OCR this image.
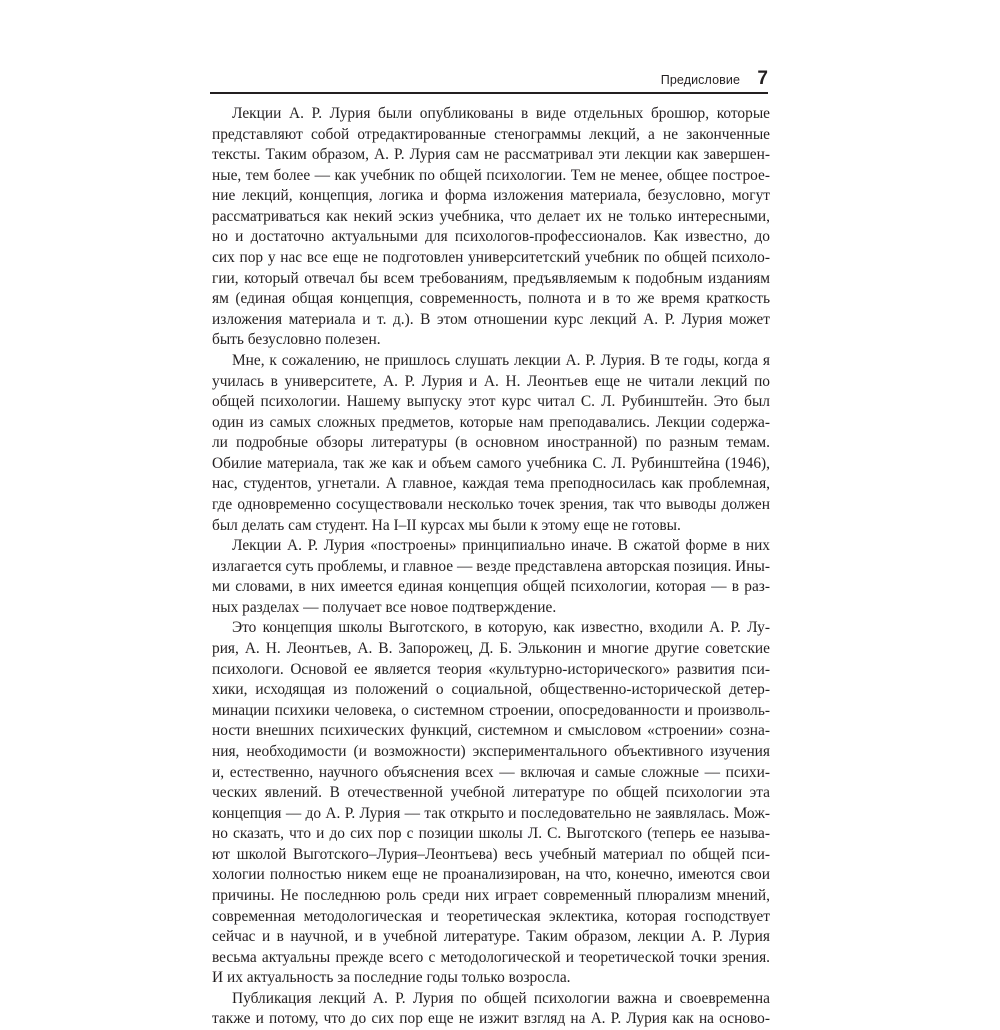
Предисловие 7
Лекции А. Р. Лурия были опубликованы в виде отдельных брошюр, которые
представляют собой отредактированные стенограммы лекций, а не законченные
тексты. Таким образом, А. Р. Лурия сам не рассматривал эти лекции как завершен-
ные, тем более — как учебник по общей психологии. Тем не менее, общее построе-
ние лекций, концепция, логика и форма изложения материала, безусловно, могут
рассматриваться как некий эскиз учебника, что делает их не только интересными,
но и достаточно актуальными для психологов-профессионалов. Как известно, до
сих пор у нас все еще не подготовлен университетский учебник по общей психоло-
гии, который отвечал бы всем требованиям, предъявляемым к подобным изданиям
ям (единая общая концепция, современность, полнота и в то же время краткость
изложения материала и т. д.). В этом отношении курс лекций А. Р. Лурия может
быть безусловно полезен.
Мне, к сожалению, не пришлось слушать лекции А. Р. Лурия. В те годы, когда я
училась в университете, А. Р. Лурия и А. Н. Леонтьев еще не читали лекций по
общей психологии. Нашему выпуску этот курс читал С. Л. Рубинштейн. Это был
один из самых сложных предметов, которые нам преподавались. Лекции содержа-
ли подробные обзоры литературы (в основном иностранной) по разным темам.
Обилие материала, так же как и объем самого учебника С. Л. Рубинштейна (1946),
нас, студентов, угнетали. А главное, каждая тема преподносилась как проблемная,
где одновременно сосуществовали несколько точек зрения, так что выводы должен
был делать сам студент. На I–II курсах мы были к этому еще не готовы.
Лекции А. Р. Лурия «построены» принципиально иначе. В сжатой форме в них
излагается суть проблемы, и главное — везде представлена авторская позиция. Ины-
ми словами, в них имеется единая концепция общей психологии, которая — в раз-
ных разделах — получает все новое подтверждение.
Это концепция школы Выготского, в которую, как известно, входили А. Р. Лу-
рия, А. Н. Леонтьев, А. В. Запорожец, Д. Б. Эльконин и многие другие советские
психологи. Основой ее является теория «культурно-исторического» развития пси-
хики, исходящая из положений о социальной, общественно-исторической детер-
минации психики человека, о системном строении, опосредованности и произволь-
ности внешних психических функций, системном и смысловом «строении» созна-
ния, необходимости (и возможности) экспериментального объективного изучения
и, естественно, научного объяснения всех — включая и самые сложные — психи-
ческих явлений. В отечественной учебной литературе по общей психологии эта
концепция — до А. Р. Лурия — так открыто и последовательно не заявлялась. Мож-
но сказать, что и до сих пор с позиции школы Л. С. Выготского (теперь ее называ-
ют школой Выготского–Лурия–Леонтьева) весь учебный материал по общей пси-
хологии полностью никем еще не проанализирован, на что, конечно, имеются свои
причины. Не последнюю роль среди них играет современный плюрализм мнений,
современная методологическая и теоретическая эклектика, которая господствует
сейчас и в научной, и в учебной литературе. Таким образом, лекции А. Р. Лурия
весьма актуальны прежде всего с методологической и теоретической точки зрения.
И их актуальность за последние годы только возросла.
Публикация лекций А. Р. Лурия по общей психологии важна и своевременна
также и потому, что до сих пор еще не изжит взгляд на А. Р. Лурия как на осново-
